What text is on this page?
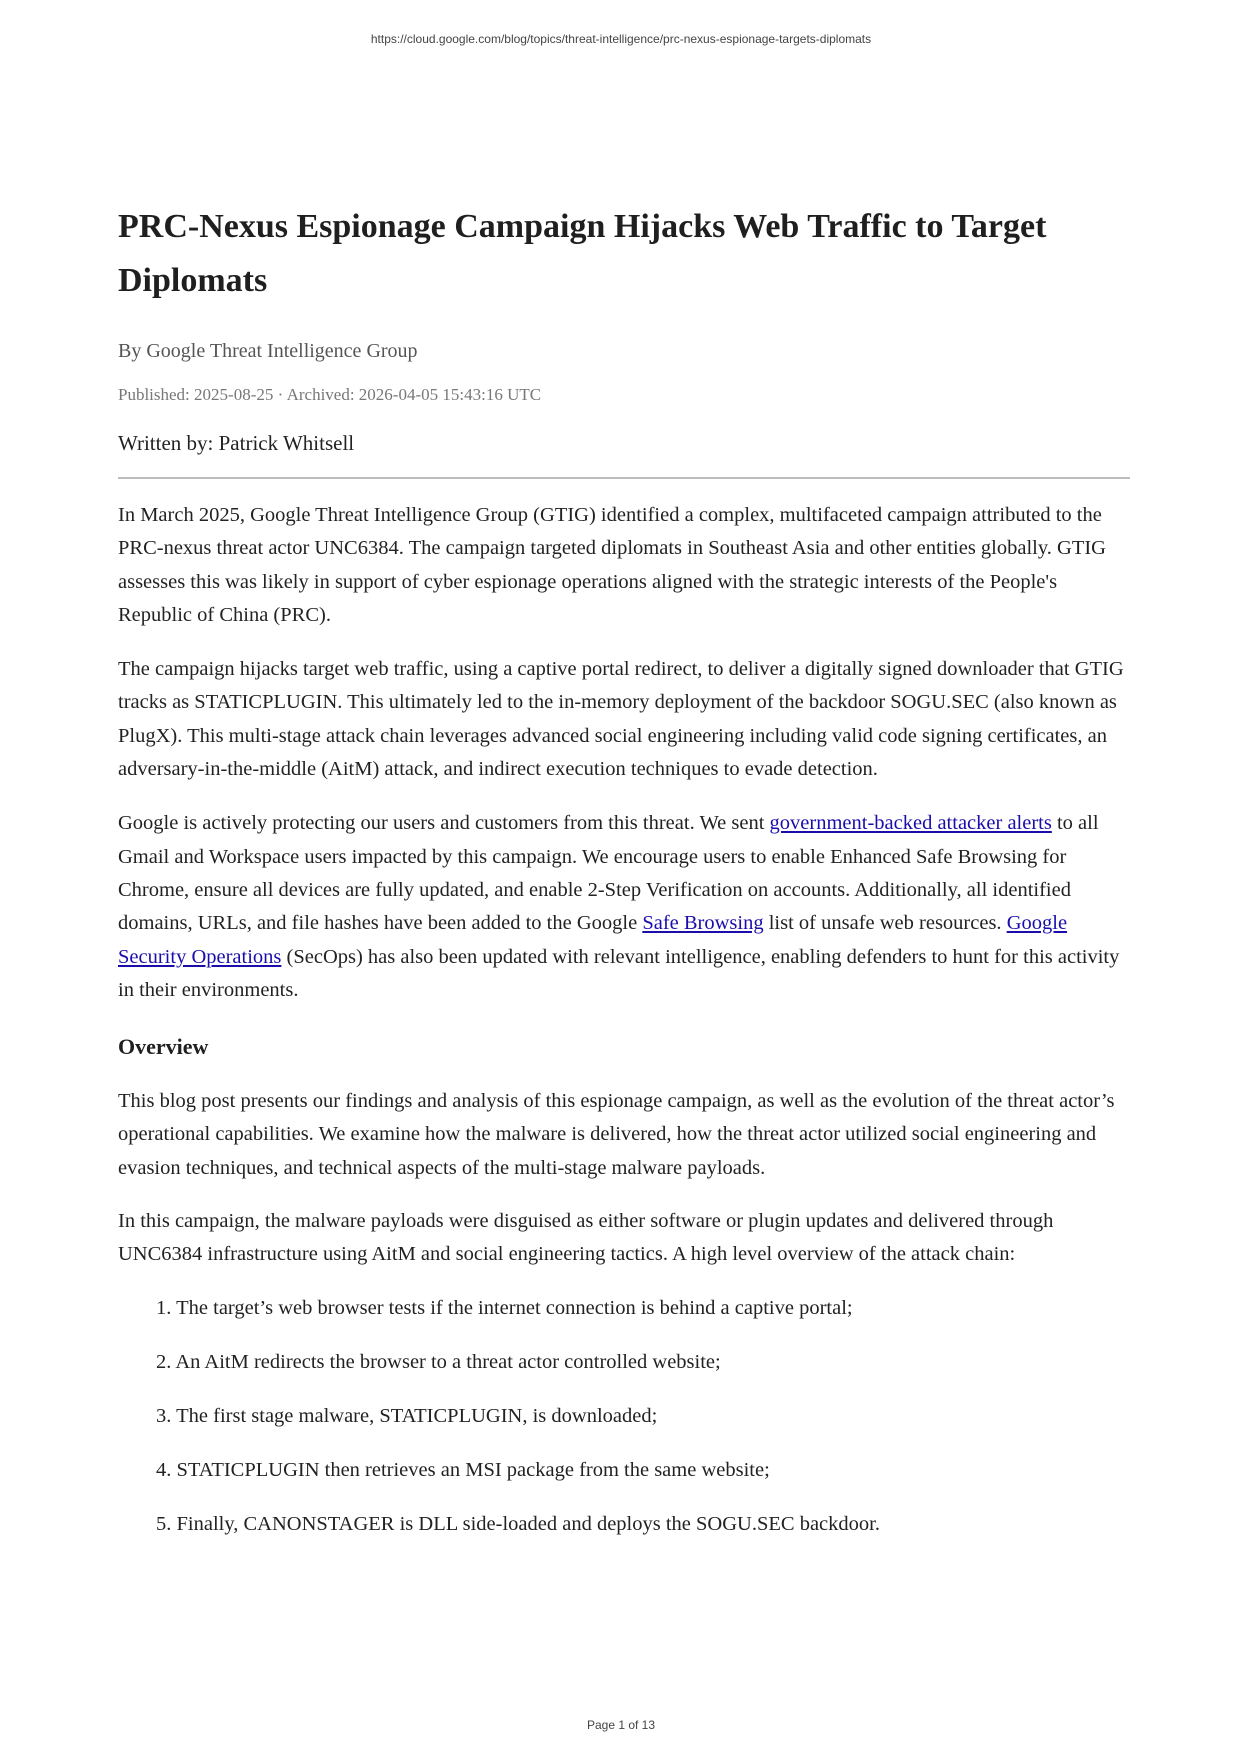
https://cloud.google.com/blog/topics/threat-intelligence/prc-nexus-espionage-targets-diplomats
PRC-Nexus Espionage Campaign Hijacks Web Traffic to Target Diplomats

By Google Threat Intelligence Group

Published: 2025-08-25 · Archived: 2026-04-05 15:43:16 UTC

Written by: Patrick Whitsell

In March 2025, Google Threat Intelligence Group (GTIG) identified a complex, multifaceted campaign attributed to the PRC-nexus threat actor UNC6384. The campaign targeted diplomats in Southeast Asia and other entities globally. GTIG assesses this was likely in support of cyber espionage operations aligned with the strategic interests of the People's Republic of China (PRC).

The campaign hijacks target web traffic, using a captive portal redirect, to deliver a digitally signed downloader that GTIG tracks as STATICPLUGIN. This ultimately led to the in-memory deployment of the backdoor SOGU.SEC (also known as PlugX). This multi-stage attack chain leverages advanced social engineering including valid code signing certificates, an adversary-in-the-middle (AitM) attack, and indirect execution techniques to evade detection.

Google is actively protecting our users and customers from this threat. We sent government-backed attacker alerts to all Gmail and Workspace users impacted by this campaign. We encourage users to enable Enhanced Safe Browsing for Chrome, ensure all devices are fully updated, and enable 2-Step Verification on accounts. Additionally, all identified domains, URLs, and file hashes have been added to the Google Safe Browsing list of unsafe web resources. Google Security Operations (SecOps) has also been updated with relevant intelligence, enabling defenders to hunt for this activity in their environments.

Overview

This blog post presents our findings and analysis of this espionage campaign, as well as the evolution of the threat actor’s operational capabilities. We examine how the malware is delivered, how the threat actor utilized social engineering and evasion techniques, and technical aspects of the multi-stage malware payloads.

In this campaign, the malware payloads were disguised as either software or plugin updates and delivered through UNC6384 infrastructure using AitM and social engineering tactics. A high level overview of the attack chain:

1. The target’s web browser tests if the internet connection is behind a captive portal;
2. An AitM redirects the browser to a threat actor controlled website;
3. The first stage malware, STATICPLUGIN, is downloaded;
4. STATICPLUGIN then retrieves an MSI package from the same website;
5. Finally, CANONSTAGER is DLL side-loaded and deploys the SOGU.SEC backdoor.
Page 1 of 13
